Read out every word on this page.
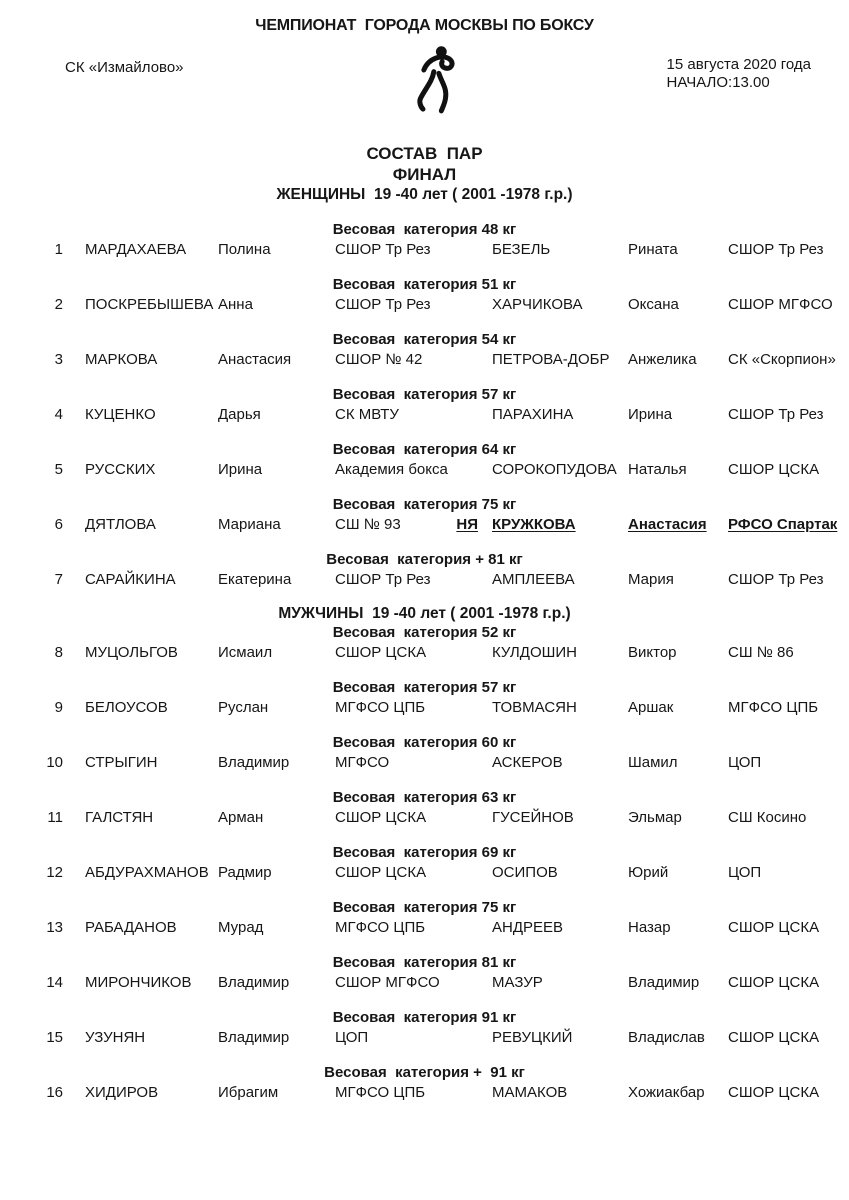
ЧЕМПИОНАТ  ГОРОДА МОСКВЫ ПО БОКСУ
СК «Измайлово»	15 августа 2020 года
НАЧАЛО:13.00
СОСТАВ  ПАР
ФИНАЛ
ЖЕНЩИНЫ  19 -40 лет ( 2001 -1978 г.р.)
Весовая  категория 48 кг
1	МАРДАХАЕВА	Полина	СШОР Тр Рез	БЕЗЕЛЬ	Рината	СШОР Тр Рез
Весовая  категория 51 кг
2	ПОСКРЕБЫШЕВА Анна	СШОР Тр Рез	ХАРЧИКОВА	Оксана	СШОР МГФСО
Весовая  категория 54 кг
3	МАРКОВА	Анастасия	СШОР № 42	ПЕТРОВА-ДОБР	Анжелика	СК «Скорпион»
Весовая  категория 57 кг
4	КУЦЕНКО	Дарья	СК МВТУ	ПАРАХИНА	Ирина	СШОР Тр Рез
Весовая  категория 64 кг
5	РУССКИХ	Ирина	Академия бокса	СОРОКОПУДОВА Наталья	СШОР ЦСКА
Весовая  категория 75 кг
6	ДЯТЛОВА	Мариана	СШ № 93	НЯ КРУЖКОВА	Анастасия	РФСО Спартак
Весовая  категория + 81 кг
7	САРАЙКИНА	Екатерина	СШОР Тр Рез	АМПЛЕЕВА	Мария	СШОР Тр Рез
МУЖЧИНЫ  19 -40 лет ( 2001 -1978 г.р.)
Весовая  категория 52 кг
8	МУЦОЛЬГОВ	Исмаил	СШОР ЦСКА	КУЛДОШИН	Виктор	СШ № 86
Весовая  категория 57 кг
9	БЕЛОУСОВ	Руслан	МГФСО ЦПБ	ТОВМАСЯН	Аршак	МГФСО ЦПБ
Весовая  категория 60 кг
10	СТРЫГИН	Владимир	МГФСО	АСКЕРОВ	Шамил	ЦОП
Весовая  категория 63 кг
11	ГАЛСТЯН	Арман	СШОР ЦСКА	ГУСЕЙНОВ	Эльмар	СШ Косино
Весовая  категория 69 кг
12	АБДУРАХМАНОВ Радмир	СШОР ЦСКА	ОСИПОВ	Юрий	ЦОП
Весовая  категория 75 кг
13	РАБАДАНОВ	Мурад	МГФСО ЦПБ	АНДРЕЕВ	Назар	СШОР ЦСКА
Весовая  категория 81 кг
14	МИРОНЧИКОВ	Владимир	СШОР МГФСО	МАЗУР	Владимир	СШОР ЦСКА
Весовая  категория 91 кг
15	УЗУНЯН	Владимир	ЦОП	РЕВУЦКИЙ	Владислав	СШОР ЦСКА
Весовая  категория +  91 кг
16	ХИДИРОВ	Ибрагим	МГФСО ЦПБ	МАМАКОВ	Хожиакбар	СШОР ЦСКА
